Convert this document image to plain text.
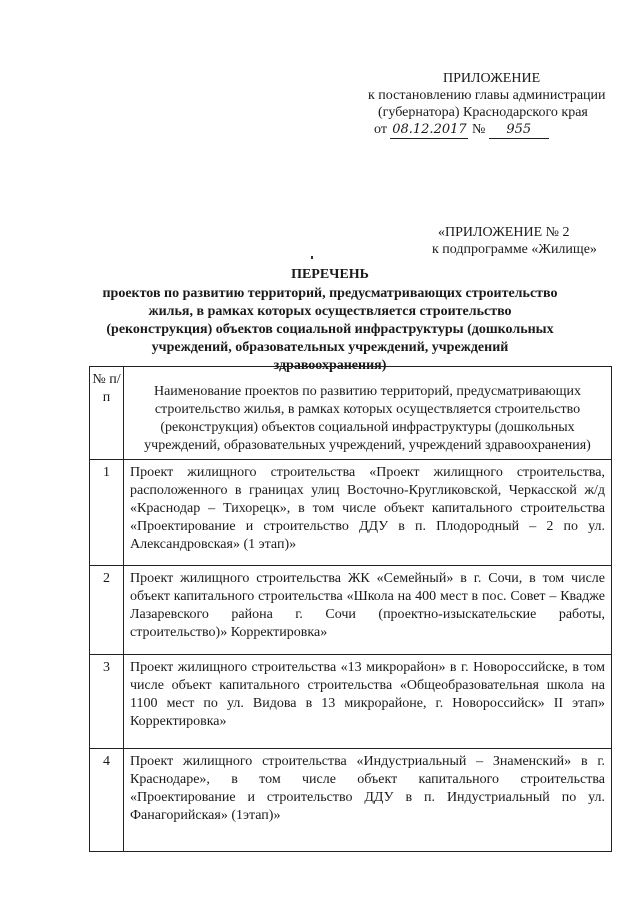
ПРИЛОЖЕНИЕ
к постановлению главы администрации
(губернатора) Краснодарского края
от 08.12.2017 № 955
«ПРИЛОЖЕНИЕ № 2
к подпрограмме «Жилище»
ПЕРЕЧЕНЬ
проектов по развитию территорий, предусматривающих строительство жилья, в рамках которых осуществляется строительство (реконструкция) объектов социальной инфраструктуры (дошкольных учреждений, образовательных учреждений, учреждений здравоохранения)
№ п/п	Наименование проектов по развитию территорий, предусматривающих строительство жилья, в рамках которых осуществляется строительство (реконструкция) объектов социальной инфраструктуры (дошкольных учреждений, образовательных учреждений, учреждений здравоохранения)
1	Проект жилищного строительства «Проект жилищного строительства, расположенного в границах улиц Восточно-Кругликовской, Черкасской ж/д «Краснодар – Тихорецк», в том числе объект капитального строительства «Проектирование и строительство ДДУ в п. Плодородный – 2 по ул. Александровская» (1 этап)»
2	Проект жилищного строительства ЖК «Семейный» в г. Сочи, в том числе объект капитального строительства «Школа на 400 мест в пос. Совет – Квадже Лазаревского района г. Сочи (проектно-изыскательские работы, строительство)» Корректировка»
3	Проект жилищного строительства «13 микрорайон» в г. Новороссийске, в том числе объект капитального строительства «Общеобразовательная школа на 1100 мест по ул. Видова в 13 микрорайоне, г. Новороссийск» II этап» Корректировка»
4	Проект жилищного строительства «Индустриальный – Знаменский» в г. Краснодаре», в том числе объект капитального строительства «Проектирование и строительство ДДУ в п. Индустриальный по ул. Фанагорийская» (1этап)»
